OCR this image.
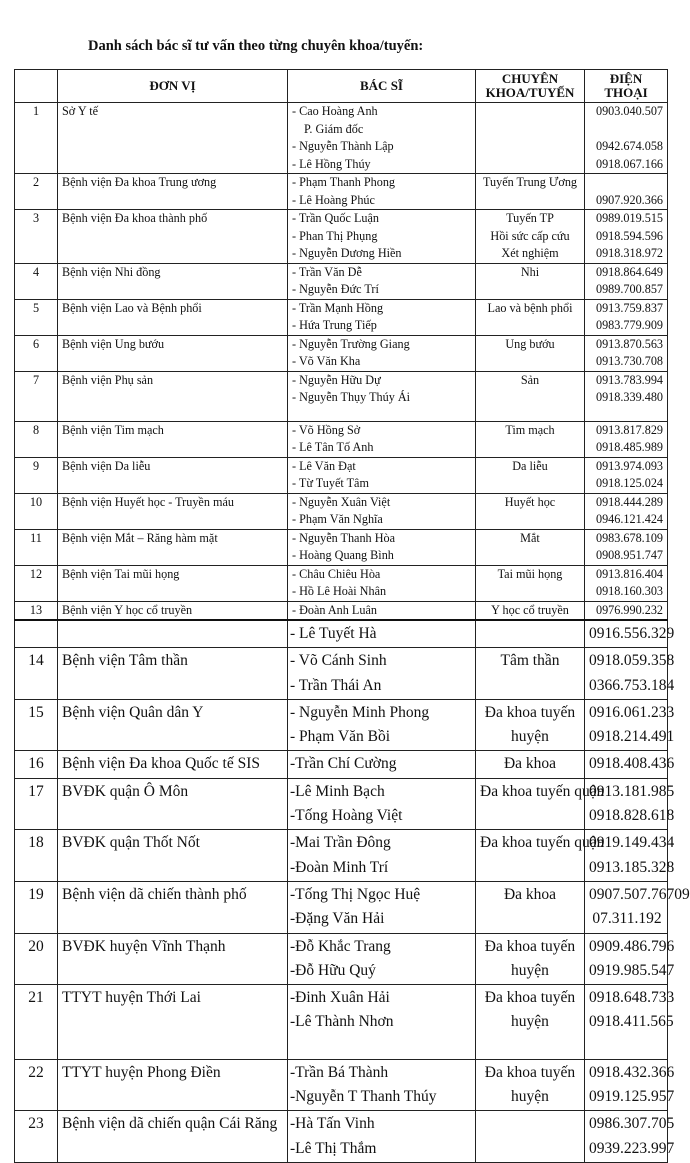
Danh sách bác sĩ tư vấn theo từng chuyên khoa/tuyến:
	ĐƠN VỊ	BÁC SĨ	CHUYÊN
KHOA/TUYẾN	ĐIỆN THOẠI
1	Sở Y tế	- Cao Hoàng Anh
P. Giám đốc
- Nguyễn Thành Lập
- Lê Hồng Thúy		0903.040.507

0942.674.058
0918.067.166

2	Bệnh viện Đa khoa Trung ương	- Phạm Thanh Phong
- Lê Hoàng Phúc	Tuyến Trung Ương	0907.920.366

3	Bệnh viện Đa khoa thành phố	- Trần Quốc Luận
- Phan Thị Phụng
- Nguyễn Dương Hiền	Tuyến TP
Hồi sức cấp cứu
Xét nghiệm	0989.019.515
0918.594.596
0918.318.972

4	Bệnh viện Nhi đồng	- Trần Văn Dễ
- Nguyễn Đức Trí	Nhi	0918.864.649
0989.700.857

5	Bệnh viện Lao và Bệnh phổi	- Trần Mạnh Hồng
- Hứa Trung Tiếp	Lao và bệnh phổi	0913.759.837
0983.779.909

6	Bệnh viện Ung bướu	- Nguyễn Trường Giang
- Võ Văn Kha	Ung bướu	0913.870.563
0913.730.708

7	Bệnh viện Phụ sản	- Nguyễn Hữu Dự
- Nguyễn Thụy Thúy Ái	Sản	0913.783.994
0918.339.480

8	Bệnh viện Tim mạch	- Võ Hồng Sở
- Lê Tân Tố Anh	Tim mạch	0913.817.829
0918.485.989

9	Bệnh viện Da liễu	- Lê Văn Đạt
- Từ Tuyết Tâm	Da liễu	0913.974.093
0918.125.024

10	Bệnh viện Huyết học - Truyền máu	- Nguyễn Xuân Việt
- Phạm Văn Nghĩa	Huyết học	0918.444.289
0946.121.424

11	Bệnh viện Mắt – Răng hàm mặt	- Nguyễn Thanh Hòa
- Hoàng Quang Bình	Mắt	0983.678.109
0908.951.747

12	Bệnh viện Tai mũi họng	- Châu Chiêu Hòa
- Hồ Lê Hoài Nhân	Tai mũi họng	0913.816.404
0918.160.303

13	Bệnh viện Y học cổ truyền	- Đoàn Anh Luân	Y học cổ truyền	0976.990.232

		- Lê Tuyết Hà		0916.556.329

14	Bệnh viện Tâm thần	- Võ Cánh Sinh
- Trần Thái An	Tâm thần	0918.059.358
0366.753.184

15	Bệnh viện Quân dân Y	- Nguyễn Minh Phong
- Phạm Văn Bồi	Đa khoa tuyến
huyện	0916.061.233
0918.214.491

16	Bệnh viện Đa khoa Quốc tế SIS	-Trần Chí Cường	Đa khoa	0918.408.436

17	BVĐK quận Ô Môn	-Lê Minh Bạch
-Tống Hoàng Việt	Đa khoa tuyến quận	0913.181.985
0918.828.618

18	BVĐK quận Thốt Nốt	-Mai Trần Đông
-Đoàn Minh Trí	Đa khoa tuyến quận	0919.149.434
0913.185.328

19	Bệnh viện dã chiến thành phố	-Tống Thị Ngọc Huệ
-Đặng Văn Hải	Đa khoa	0907.507.76709
07.311.192

20	BVĐK huyện Vĩnh Thạnh	-Đỗ Khắc Trang
-Đỗ Hữu Quý	Đa khoa tuyến
huyện	0909.486.796
0919.985.547

21	TTYT huyện Thới Lai	-Đinh Xuân Hải
-Lê Thành Nhơn	Đa khoa tuyến
huyện	0918.648.733
0918.411.565

22	TTYT huyện Phong Điền	-Trần Bá Thành
-Nguyễn T Thanh Thúy	Đa khoa tuyến
huyện	0918.432.366
0919.125.957

23	Bệnh viện dã chiến quận Cái Răng	-Hà Tấn Vinh
-Lê Thị Thắm		0986.307.705
0939.223.997
